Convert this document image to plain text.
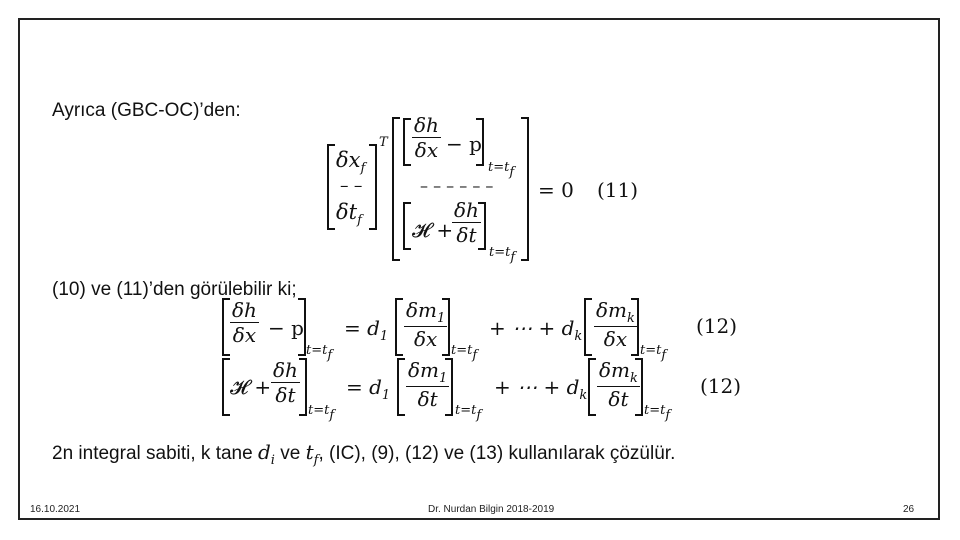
Ayrıca (GBC-OC)’den:
$\delta x_f$
– –
$\delta t_f$
T $\frac{\delta h}{\delta x} - p$
t=tf
– – – – – –
𝓗 +
$\frac{\delta h}{\delta t}$
t=tf
= 0 (11)
(10) ve (11)’den görülebilir ki;
$\frac{\delta h}{\delta x} - p$
t=tf
= $d_1 \frac{\delta m_1}{\delta x} t=tf$
+ ⋯ + $d_k$
$\delta m_k$
δx t=tf
(12)
𝓗 + $\frac{\delta h}{\delta t}$
t=tf
= $d_1 \frac{\delta m_1}{\delta t} t=tf$
+ ⋯ + $d_k$
$\delta m_k$
δt	t=tf
(12)
2n integral sabiti, k tane $d_i$ ve $t_f$, (IC), (9), (12) ve (13) kullanılarak çözülür.
16.10.2021	Dr. Nurdan Bilgin 2018-2019	26
